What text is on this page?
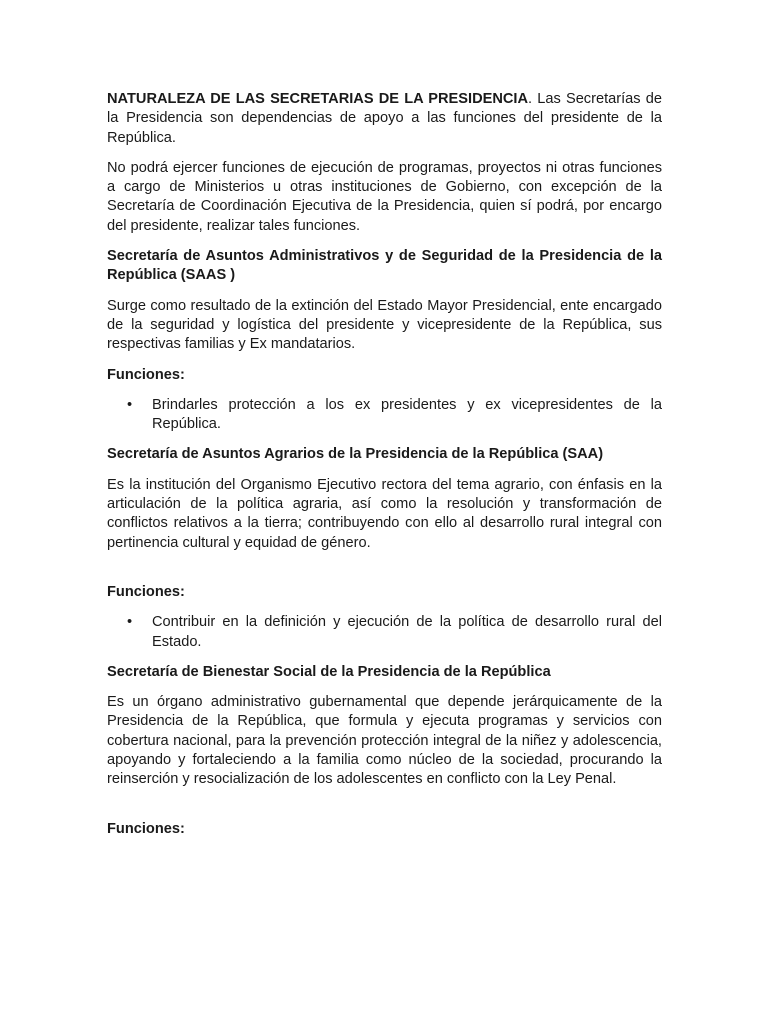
NATURALEZA DE LAS SECRETARIAS DE LA PRESIDENCIA. Las Secretarías de la Presidencia son dependencias de apoyo a las funciones del presidente de la República.

No podrá ejercer funciones de ejecución de programas, proyectos ni otras funciones a cargo de Ministerios u otras instituciones de Gobierno, con excepción de la Secretaría de Coordinación Ejecutiva de la Presidencia, quien sí podrá, por encargo del presidente, realizar tales funciones.

Secretaría de Asuntos Administrativos y de Seguridad de la Presidencia de la República (SAAS )

Surge como resultado de la extinción del Estado Mayor Presidencial, ente encargado de la seguridad y logística del presidente y vicepresidente de la República, sus respectivas familias y Ex mandatarios.

Funciones:

• Brindarles protección a los ex presidentes y ex vicepresidentes de la República.

Secretaría de Asuntos Agrarios de la Presidencia de la República (SAA)

Es la institución del Organismo Ejecutivo rectora del tema agrario, con énfasis en la articulación de la política agraria, así como la resolución y transformación de conflictos relativos a la tierra; contribuyendo con ello al desarrollo rural integral con pertinencia cultural y equidad de género.

Funciones:

• Contribuir en la definición y ejecución de la política de desarrollo rural del Estado.

Secretaría de Bienestar Social de la Presidencia de la República

Es un órgano administrativo gubernamental que depende jerárquicamente de la Presidencia de la República, que formula y ejecuta programas y servicios con cobertura nacional, para la prevención protección integral de la niñez y adolescencia, apoyando y fortaleciendo a la familia como núcleo de la sociedad, procurando la reinserción y resocialización de los adolescentes en conflicto con la Ley Penal.

Funciones:
